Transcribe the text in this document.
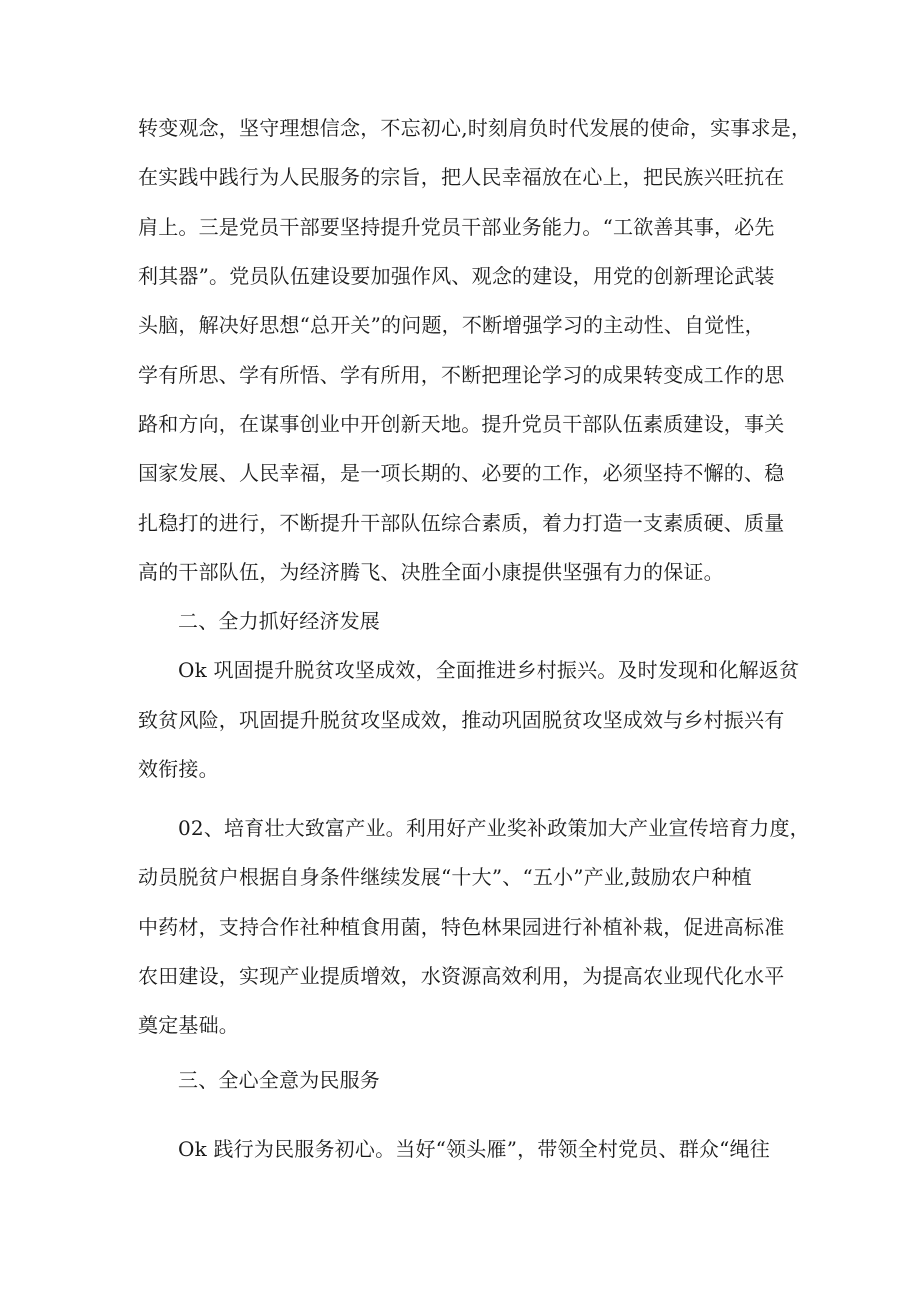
转变观念，坚守理想信念，不忘初心,时刻肩负时代发展的使命，实事求是，
在实践中践行为人民服务的宗旨，把人民幸福放在心上，把民族兴旺抗在
肩上。三是党员干部要坚持提升党员干部业务能力。“工欲善其事，必先
利其器”。党员队伍建设要加强作风、观念的建设，用党的创新理论武装
头脑，解决好思想“总开关”的问题，不断增强学习的主动性、自觉性，
学有所思、学有所悟、学有所用，不断把理论学习的成果转变成工作的思
路和方向，在谋事创业中开创新天地。提升党员干部队伍素质建设，事关
国家发展、人民幸福，是一项长期的、必要的工作，必须坚持不懈的、稳
扎稳打的进行，不断提升干部队伍综合素质，着力打造一支素质硬、质量
高的干部队伍，为经济腾飞、决胜全面小康提供坚强有力的保证。
二、全力抓好经济发展
Ok 巩固提升脱贫攻坚成效，全面推进乡村振兴。及时发现和化解返贫
致贫风险，巩固提升脱贫攻坚成效，推动巩固脱贫攻坚成效与乡村振兴有
效衔接。
02、培育壮大致富产业。利用好产业奖补政策加大产业宣传培育力度，
动员脱贫户根据自身条件继续发展“十大”、“五小”产业,鼓励农户种植
中药材，支持合作社种植食用菌，特色林果园进行补植补栽，促进高标准
农田建设，实现产业提质增效，水资源高效利用，为提高农业现代化水平
奠定基础。
三、全心全意为民服务
Ok 践行为民服务初心。当好“领头雁”，带领全村党员、群众“绳往
